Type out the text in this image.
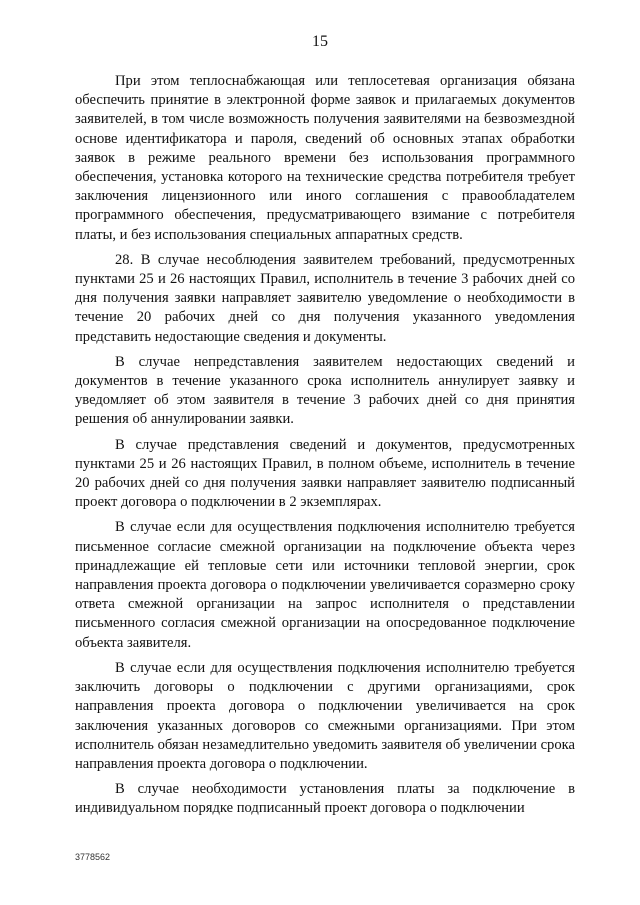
15

При этом теплоснабжающая или теплосетевая организация обязана обеспечить принятие в электронной форме заявок и прилагаемых документов заявителей, в том числе возможность получения заявителями на безвозмездной основе идентификатора и пароля, сведений об основных этапах обработки заявок в режиме реального времени без использования программного обеспечения, установка которого на технические средства потребителя требует заключения лицензионного или иного соглашения с правообладателем программного обеспечения, предусматривающего взимание с потребителя платы, и без использования специальных аппаратных средств.

28. В случае несоблюдения заявителем требований, предусмотренных пунктами 25 и 26 настоящих Правил, исполнитель в течение 3 рабочих дней со дня получения заявки направляет заявителю уведомление о необходимости в течение 20 рабочих дней со дня получения указанного уведомления представить недостающие сведения и документы.

В случае непредставления заявителем недостающих сведений и документов в течение указанного срока исполнитель аннулирует заявку и уведомляет об этом заявителя в течение 3 рабочих дней со дня принятия решения об аннулировании заявки.

В случае представления сведений и документов, предусмотренных пунктами 25 и 26 настоящих Правил, в полном объеме, исполнитель в течение 20 рабочих дней со дня получения заявки направляет заявителю подписанный проект договора о подключении в 2 экземплярах.

В случае если для осуществления подключения исполнителю требуется письменное согласие смежной организации на подключение объекта через принадлежащие ей тепловые сети или источники тепловой энергии, срок направления проекта договора о подключении увеличивается соразмерно сроку ответа смежной организации на запрос исполнителя о представлении письменного согласия смежной организации на опосредованное подключение объекта заявителя.

В случае если для осуществления подключения исполнителю требуется заключить договоры о подключении с другими организациями, срок направления проекта договора о подключении увеличивается на срок заключения указанных договоров со смежными организациями. При этом исполнитель обязан незамедлительно уведомить заявителя об увеличении срока направления проекта договора о подключении.

В случае необходимости установления платы за подключение в индивидуальном порядке подписанный проект договора о подключении

3778562
